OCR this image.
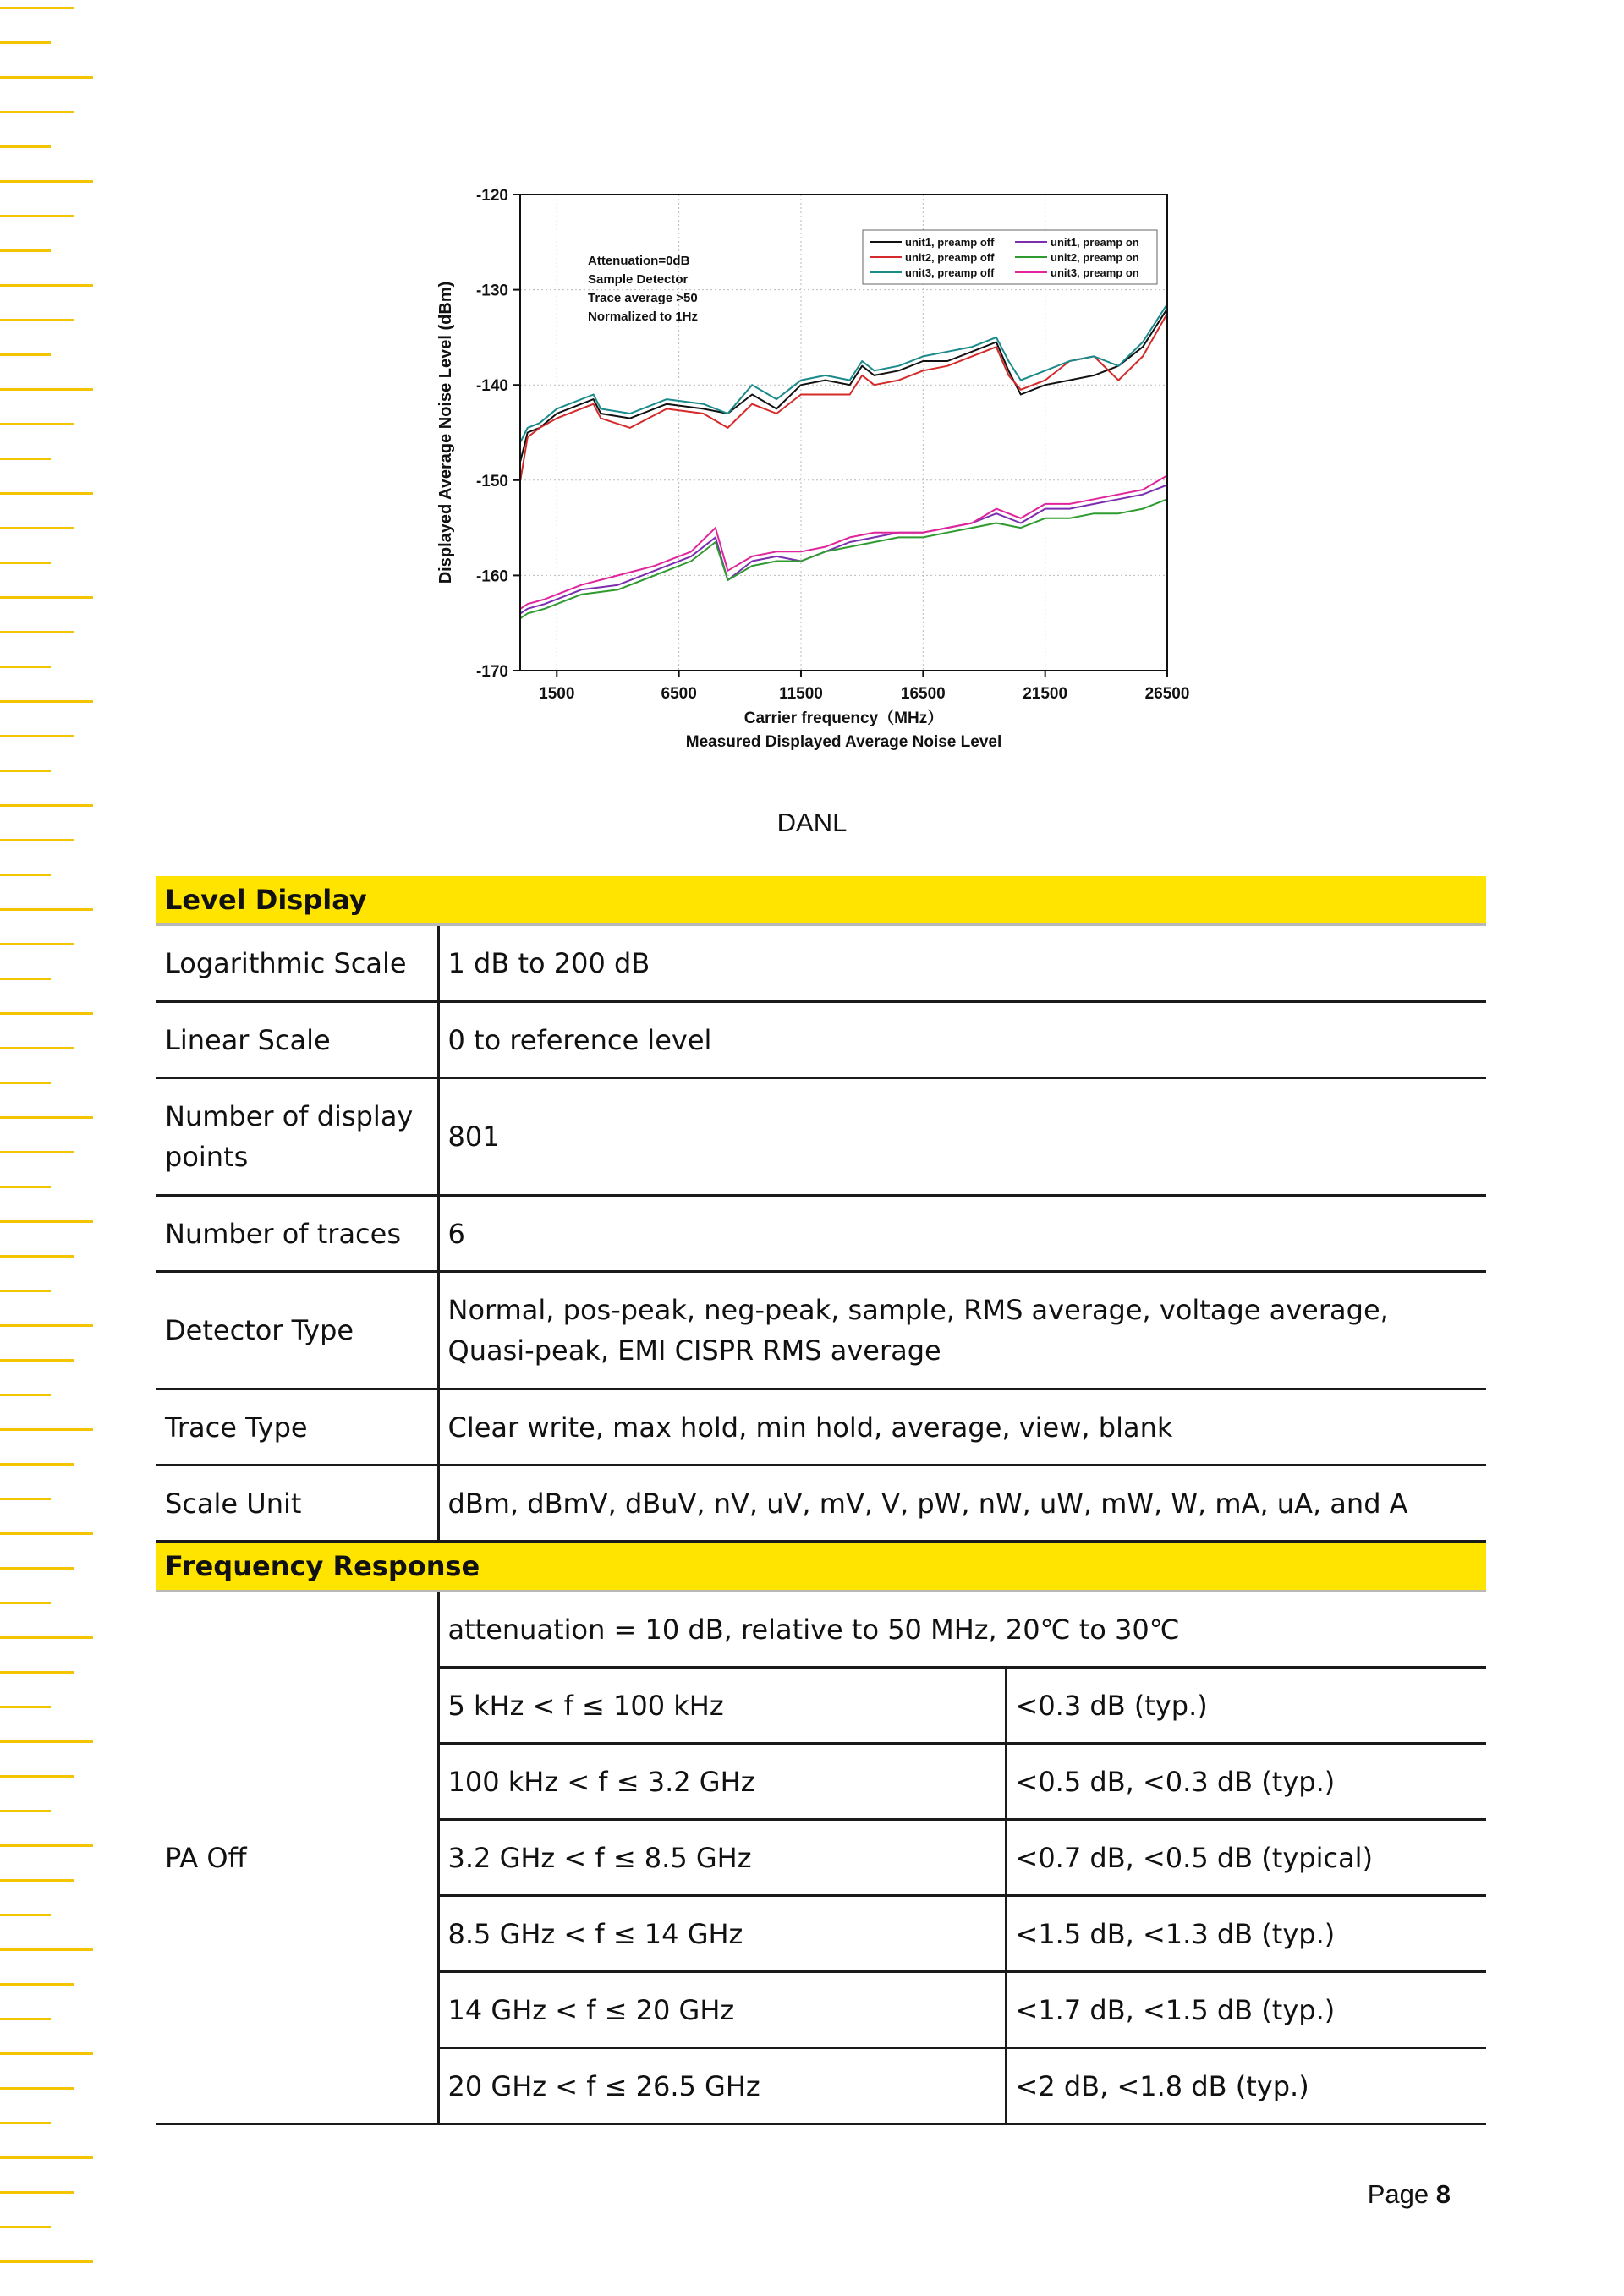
-120
-130
-140
-150
-160
-170
1500	6500	11500	16500	21500	26500
Carrier frequency（MHz）
Measured Displayed Average Noise Level
Displayed Average Noise Level (dBm)
Attenuation=0dB
Sample Detector
Trace average >50
Normalized to 1Hz
unit1, preamp off
unit2, preamp off
unit3, preamp off
unit1, preamp on
unit2, preamp on
unit3, preamp on
DANL
Level Display		
Logarithmic Scale	1 dB to 200 dB	
Linear Scale	0 to reference level	
Number of display points	801	
Number of traces	6	
Detector Type	Normal, pos-peak, neg-peak, sample, RMS average, voltage average, Quasi-peak, EMI CISPR RMS average	
Trace Type	Clear write, max hold, min hold, average, view, blank	
Scale Unit	dBm, dBmV, dBuV, nV, uV, mV, V, pW, nW, uW, mW, W, mA, uA, and A	
Frequency Response		
PA Off	attenuation = 10 dB, relative to 50 MHz, 20℃ to 30℃	
	5 kHz < f ≤ 100 kHz	<0.3 dB (typ.)
	100 kHz < f ≤ 3.2 GHz	<0.5 dB, <0.3 dB (typ.)
	3.2 GHz < f ≤ 8.5 GHz	<0.7 dB, <0.5 dB (typical)
	8.5 GHz < f ≤ 14 GHz	<1.5 dB, <1.3 dB (typ.)
	14 GHz < f ≤ 20 GHz	<1.7 dB, <1.5 dB (typ.)
	20 GHz < f ≤ 26.5 GHz	<2 dB, <1.8 dB (typ.)
Page 8
